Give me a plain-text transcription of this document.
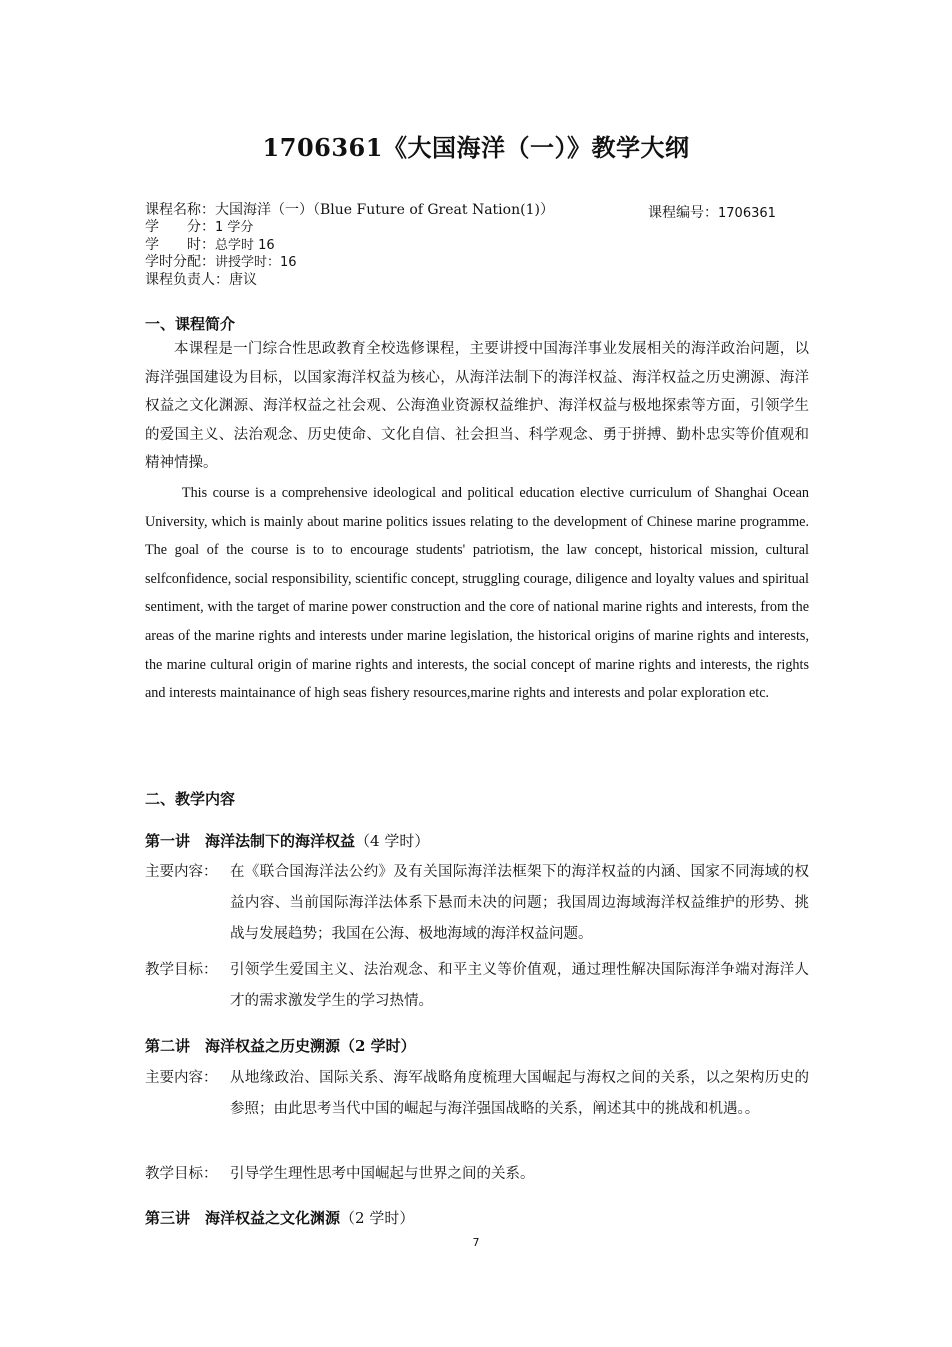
1706361《大国海洋（一）》教学大纲
课程名称：大国海洋（一）（Blue Future of Great Nation(1)）	课程编号：1706361
学　　分：1 学分
学　　时：总学时 16
学时分配：讲授学时：16
课程负责人：唐议
一、课程简介

本课程是一门综合性思政教育全校选修课程，主要讲授中国海洋事业发展相关的海洋政治问题，以海洋强国建设为目标，以国家海洋权益为核心，从海洋法制下的海洋权益、海洋权益之历史溯源、海洋权益之文化渊源、海洋权益之社会观、公海渔业资源权益维护、海洋权益与极地探索等方面，引领学生的爱国主义、法治观念、历史使命、文化自信、社会担当、科学观念、勇于拼搏、勤朴忠实等价值观和精神情操。

This course is a comprehensive ideological and political education elective curriculum of Shanghai Ocean University, which is mainly about marine politics issues relating to the development of Chinese marine programme. The goal of the course is to to encourage students' patriotism, the law concept, historical mission, cultural selfconfidence, social responsibility, scientific concept, struggling courage, diligence and loyalty values and spiritual sentiment, with the target of marine power construction and the core of national marine rights and interests, from the areas of the marine rights and interests under marine legislation, the historical origins of marine rights and interests, the marine cultural origin of marine rights and interests, the social concept of marine rights and interests, the rights and interests maintainance of high seas fishery resources,marine rights and interests and polar exploration etc.

二、教学内容
第一讲　海洋法制下的海洋权益（4 学时）
主要内容： 在《联合国海洋法公约》及有关国际海洋法框架下的海洋权益的内涵、国家不同海域的权益内容、当前国际海洋法体系下悬而未决的问题；我国周边海域海洋权益维护的形势、挑战与发展趋势；我国在公海、极地海域的海洋权益问题。
教学目标： 引领学生爱国主义、法治观念、和平主义等价值观，通过理性解决国际海洋争端对海洋人才的需求激发学生的学习热情。
第二讲　海洋权益之历史溯源（2 学时）
主要内容： 从地缘政治、国际关系、海军战略角度梳理大国崛起与海权之间的关系，以之架构历史的参照；由此思考当代中国的崛起与海洋强国战略的关系，阐述其中的挑战和机遇。。
教学目标： 引导学生理性思考中国崛起与世界之间的关系。
第三讲　海洋权益之文化渊源（2 学时）
7
